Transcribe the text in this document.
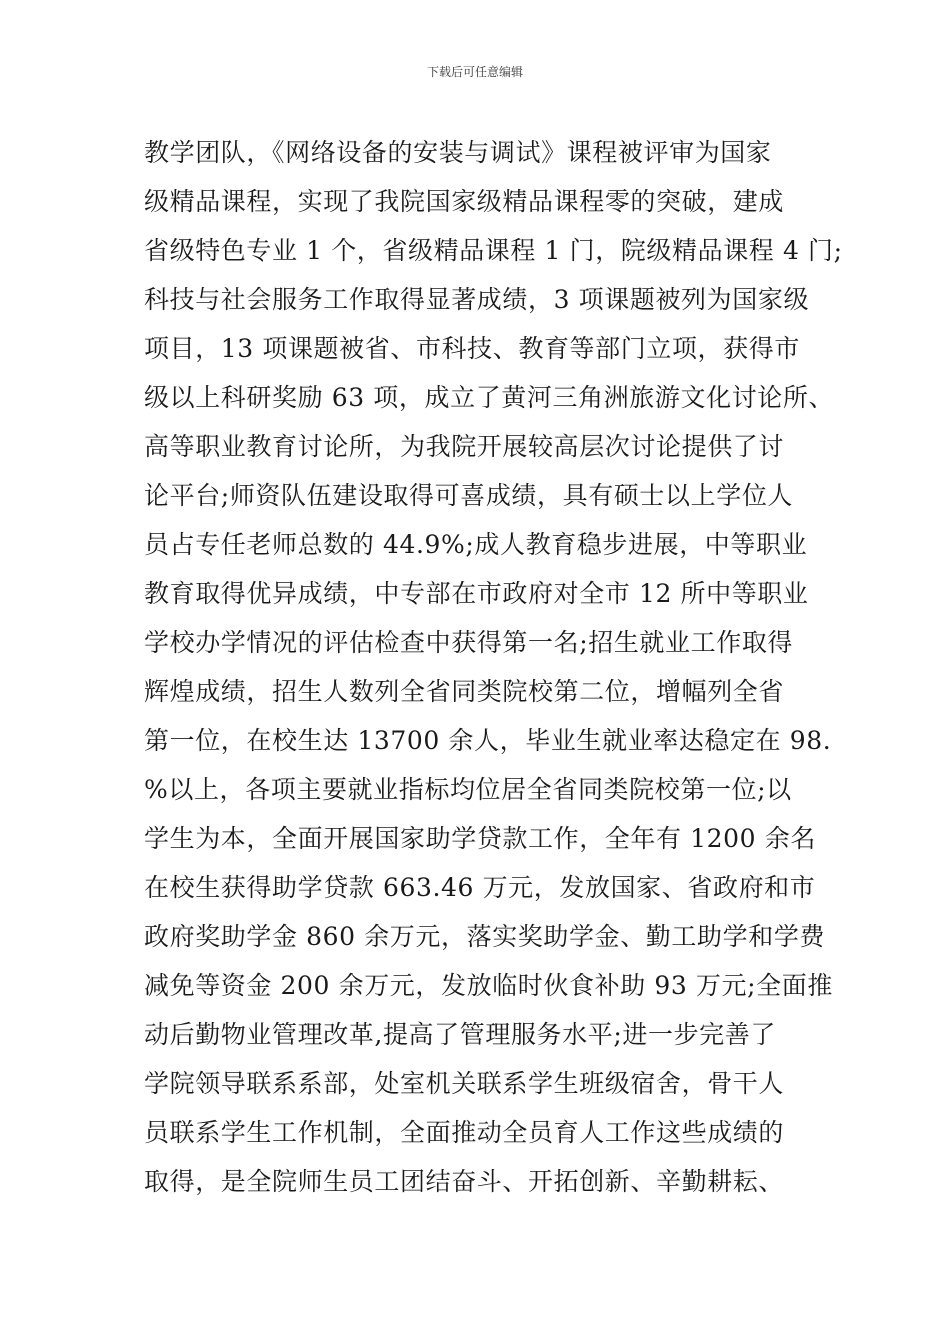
下载后可任意编辑
教学团队，《网络设备的安装与调试》课程被评审为国家
级精品课程，实现了我院国家级精品课程零的突破，建成
省级特色专业 1 个，省级精品课程 1 门，院级精品课程 4 门;
科技与社会服务工作取得显著成绩，3 项课题被列为国家级
项目，13 项课题被省、市科技、教育等部门立项，获得市
级以上科研奖励 63 项，成立了黄河三角洲旅游文化讨论所、
高等职业教育讨论所，为我院开展较高层次讨论提供了讨
论平台;师资队伍建设取得可喜成绩，具有硕士以上学位人
员占专任老师总数的 44.9%;成人教育稳步进展，中等职业
教育取得优异成绩，中专部在市政府对全市 12 所中等职业
学校办学情况的评估检查中获得第一名;招生就业工作取得
辉煌成绩，招生人数列全省同类院校第二位，增幅列全省
第一位，在校生达 13700 余人，毕业生就业率达稳定在 98.
%以上，各项主要就业指标均位居全省同类院校第一位;以
学生为本，全面开展国家助学贷款工作，全年有 1200 余名
在校生获得助学贷款 663.46 万元，发放国家、省政府和市
政府奖助学金 860 余万元，落实奖助学金、勤工助学和学费
减免等资金 200 余万元，发放临时伙食补助 93 万元;全面推
动后勤物业管理改革,提高了管理服务水平;进一步完善了
学院领导联系系部，处室机关联系学生班级宿舍，骨干人
员联系学生工作机制，全面推动全员育人工作这些成绩的
取得，是全院师生员工团结奋斗、开拓创新、辛勤耕耘、
